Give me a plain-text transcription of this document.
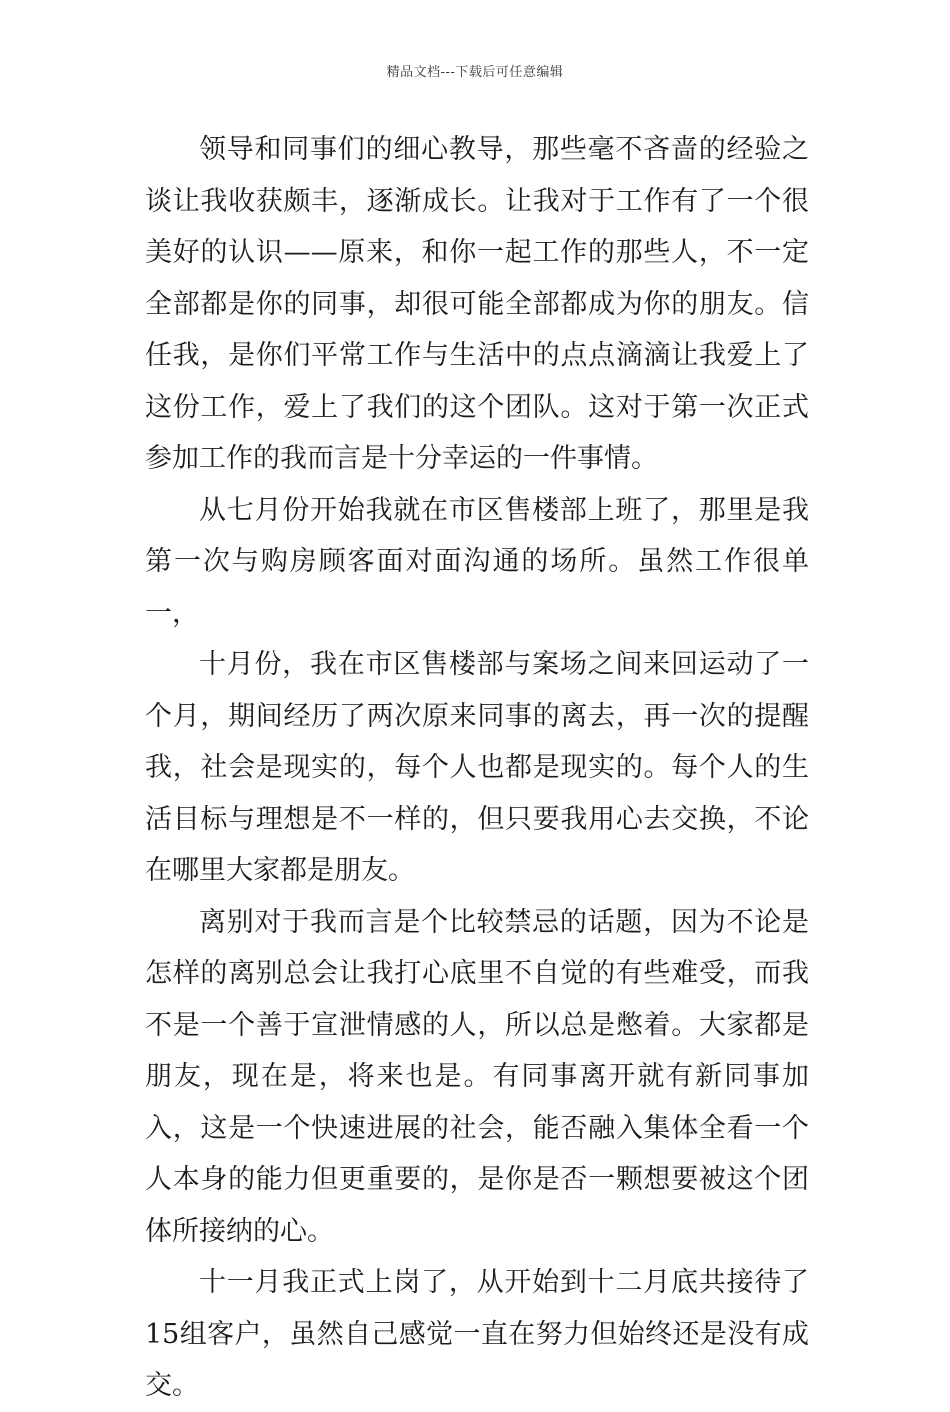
精品文档---下载后可任意编辑

领导和同事们的细心教导，那些毫不吝啬的经验之谈让我收获颇丰，逐渐成长。让我对于工作有了一个很美好的认识——原来，和你一起工作的那些人，不一定全部都是你的同事，却很可能全部都成为你的朋友。信任我，是你们平常工作与生活中的点点滴滴让我爱上了这份工作，爱上了我们的这个团队。这对于第一次正式参加工作的我而言是十分幸运的一件事情。

从七月份开始我就在市区售楼部上班了，那里是我第一次与购房顾客面对面沟通的场所。虽然工作很单一，

十月份，我在市区售楼部与案场之间来回运动了一个月，期间经历了两次原来同事的离去，再一次的提醒我，社会是现实的，每个人也都是现实的。每个人的生活目标与理想是不一样的，但只要我用心去交换，不论在哪里大家都是朋友。

离别对于我而言是个比较禁忌的话题，因为不论是怎样的离别总会让我打心底里不自觉的有些难受，而我不是一个善于宣泄情感的人，所以总是憋着。大家都是朋友，现在是，将来也是。有同事离开就有新同事加入，这是一个快速进展的社会，能否融入集体全看一个人本身的能力但更重要的，是你是否一颗想要被这个团体所接纳的心。

十一月我正式上岗了，从开始到十二月底共接待了15组客户，虽然自己感觉一直在努力但始终还是没有成交。
